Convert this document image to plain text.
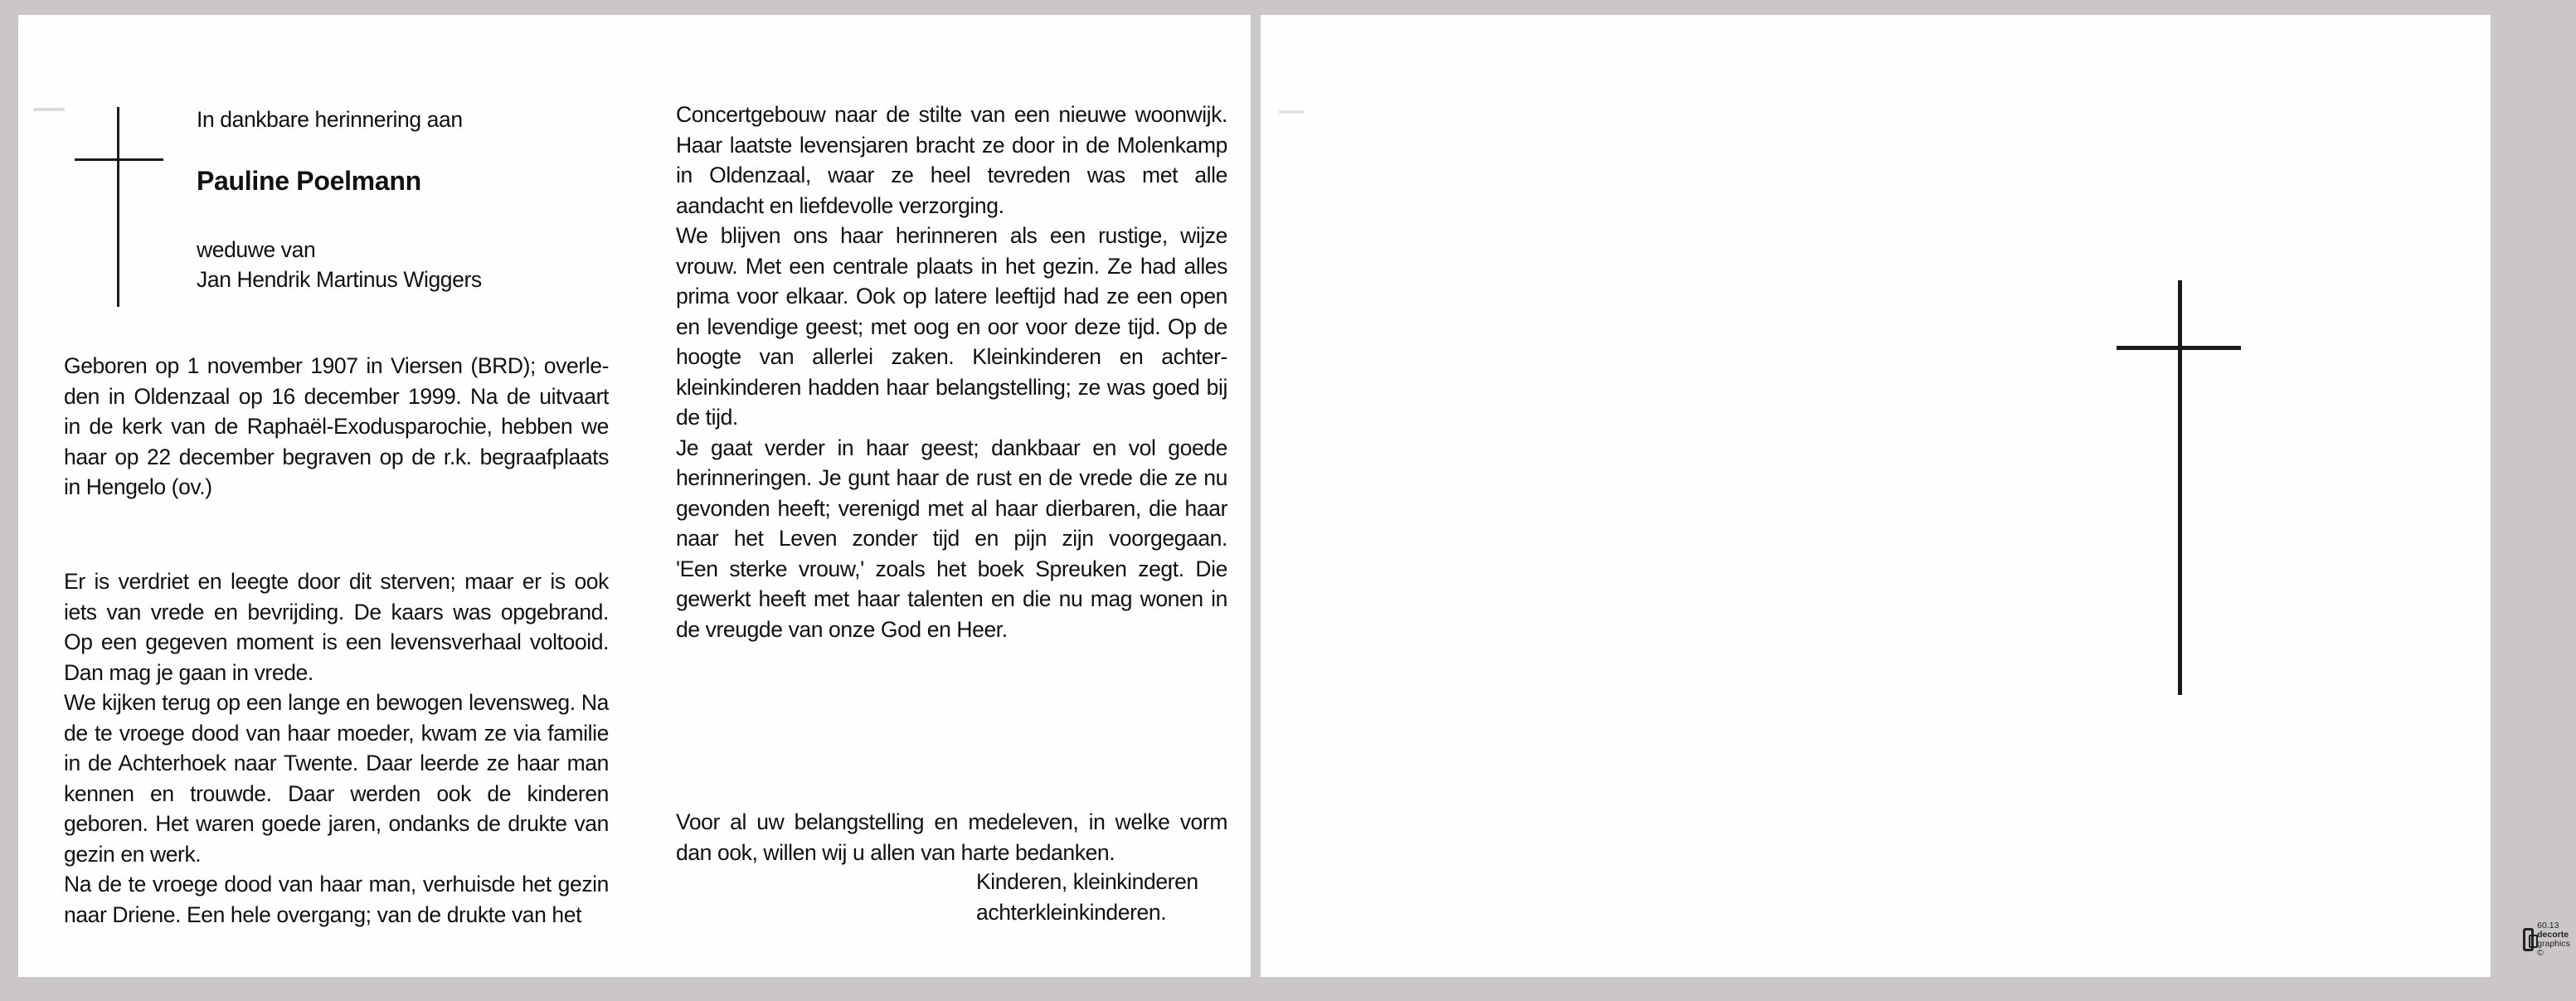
In dankbare herinnering aan
Pauline Poelmann
weduwe van
Jan Hendrik Martinus Wiggers
Geboren op 1 november 1907 in Viersen (BRD); overle-den in Oldenzaal op 16 december 1999. Na de uitvaartin de kerk van de Raphaël-Exodusparochie, hebben wehaar op 22 december begraven op de r.k. begraafplaats
in Hengelo (ov.)
Er is verdriet en leegte door dit sterven; maar er is ookiets van vrede en bevrijding. De kaars was opgebrand.Op een gegeven moment is een levensverhaal voltooid.
Dan mag je gaan in vrede.
We kijken terug op een lange en bewogen levensweg. Nade te vroege dood van haar moeder, kwam ze via familiein de Achterhoek naar Twente. Daar leerde ze haar mankennen en trouwde. Daar werden ook de kinderengeboren. Het waren goede jaren, ondanks de drukte van
gezin en werk.
Na de te vroege dood van haar man, verhuisde het gezin
naar Driene. Een hele overgang; van de drukte van het
Concertgebouw naar de stilte van een nieuwe woonwijk.Haar laatste levensjaren bracht ze door in de Molenkampin Oldenzaal, waar ze heel tevreden was met alle
aandacht en liefdevolle verzorging.
We blijven ons haar herinneren als een rustige, wijzevrouw. Met een centrale plaats in het gezin. Ze had allesprima voor elkaar. Ook op latere leeftijd had ze een openen levendige geest; met oog en oor voor deze tijd. Op dehoogte van allerlei zaken. Kleinkinderen en achter-kleinkinderen hadden haar belangstelling; ze was goed bij
de tijd.
Je gaat verder in haar geest; dankbaar en vol goedeherinneringen. Je gunt haar de rust en de vrede die ze nugevonden heeft; verenigd met al haar dierbaren, die haarnaar het Leven zonder tijd en pijn zijn voorgegaan.'Een sterke vrouw,' zoals het boek Spreuken zegt. Diegewerkt heeft met haar talenten en die nu mag wonen in
de vreugde van onze God en Heer.
Voor al uw belangstelling en medeleven, in welke vorm
dan ook, willen wij u allen van harte bedanken.
Kinderen, kleinkinderen
achterkleinkinderen.
60.13
decorte graphics ©
